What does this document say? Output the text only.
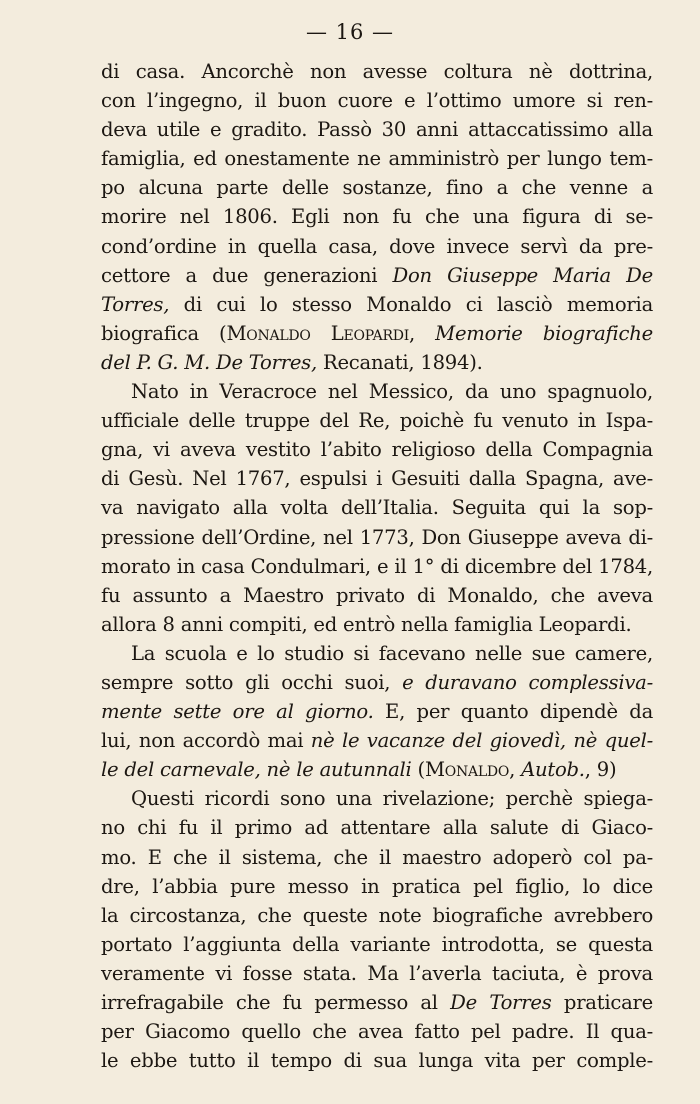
— 16 —
di casa. Ancorchè non avesse coltura nè dottrina,
con l’ingegno, il buon cuore e l’ottimo umore si ren-
deva utile e gradito. Passò 30 anni attaccatissimo alla
famiglia, ed onestamente ne amministrò per lungo tem-
po alcuna parte delle sostanze, fino a che venne a
morire nel 1806. Egli non fu che una figura di se-
cond’ordine in quella casa, dove invece servì da pre-
cettore a due generazioni Don Giuseppe Maria De
Torres, di cui lo stesso Monaldo ci lasciò memoria
biografica (Monaldo Leopardi, Memorie biografiche
del P. G. M. De Torres, Recanati, 1894).
Nato in Veracroce nel Messico, da uno spagnuolo,
ufficiale delle truppe del Re, poichè fu venuto in Ispa-
gna, vi aveva vestito l’abito religioso della Compagnia
di Gesù. Nel 1767, espulsi i Gesuiti dalla Spagna, ave-
va navigato alla volta dell’Italia. Seguita qui la sop-
pressione dell’Ordine, nel 1773, Don Giuseppe aveva di-
morato in casa Condulmari, e il 1° di dicembre del 1784,
fu assunto a Maestro privato di Monaldo, che aveva
allora 8 anni compiti, ed entrò nella famiglia Leopardi.
La scuola e lo studio si facevano nelle sue camere,
sempre sotto gli occhi suoi, e duravano complessiva-
mente sette ore al giorno. E, per quanto dipendè da
lui, non accordò mai nè le vacanze del giovedì, nè quel-
le del carnevale, nè le autunnali (Monaldo, Autob., 9)
Questi ricordi sono una rivelazione; perchè spiega-
no chi fu il primo ad attentare alla salute di Giaco-
mo. E che il sistema, che il maestro adoperò col pa-
dre, l’abbia pure messo in pratica pel figlio, lo dice
la circostanza, che queste note biografiche avrebbero
portato l’aggiunta della variante introdotta, se questa
veramente vi fosse stata. Ma l’averla taciuta, è prova
irrefragabile che fu permesso al De Torres praticare
per Giacomo quello che avea fatto pel padre. Il qua-
le ebbe tutto il tempo di sua lunga vita per comple-
